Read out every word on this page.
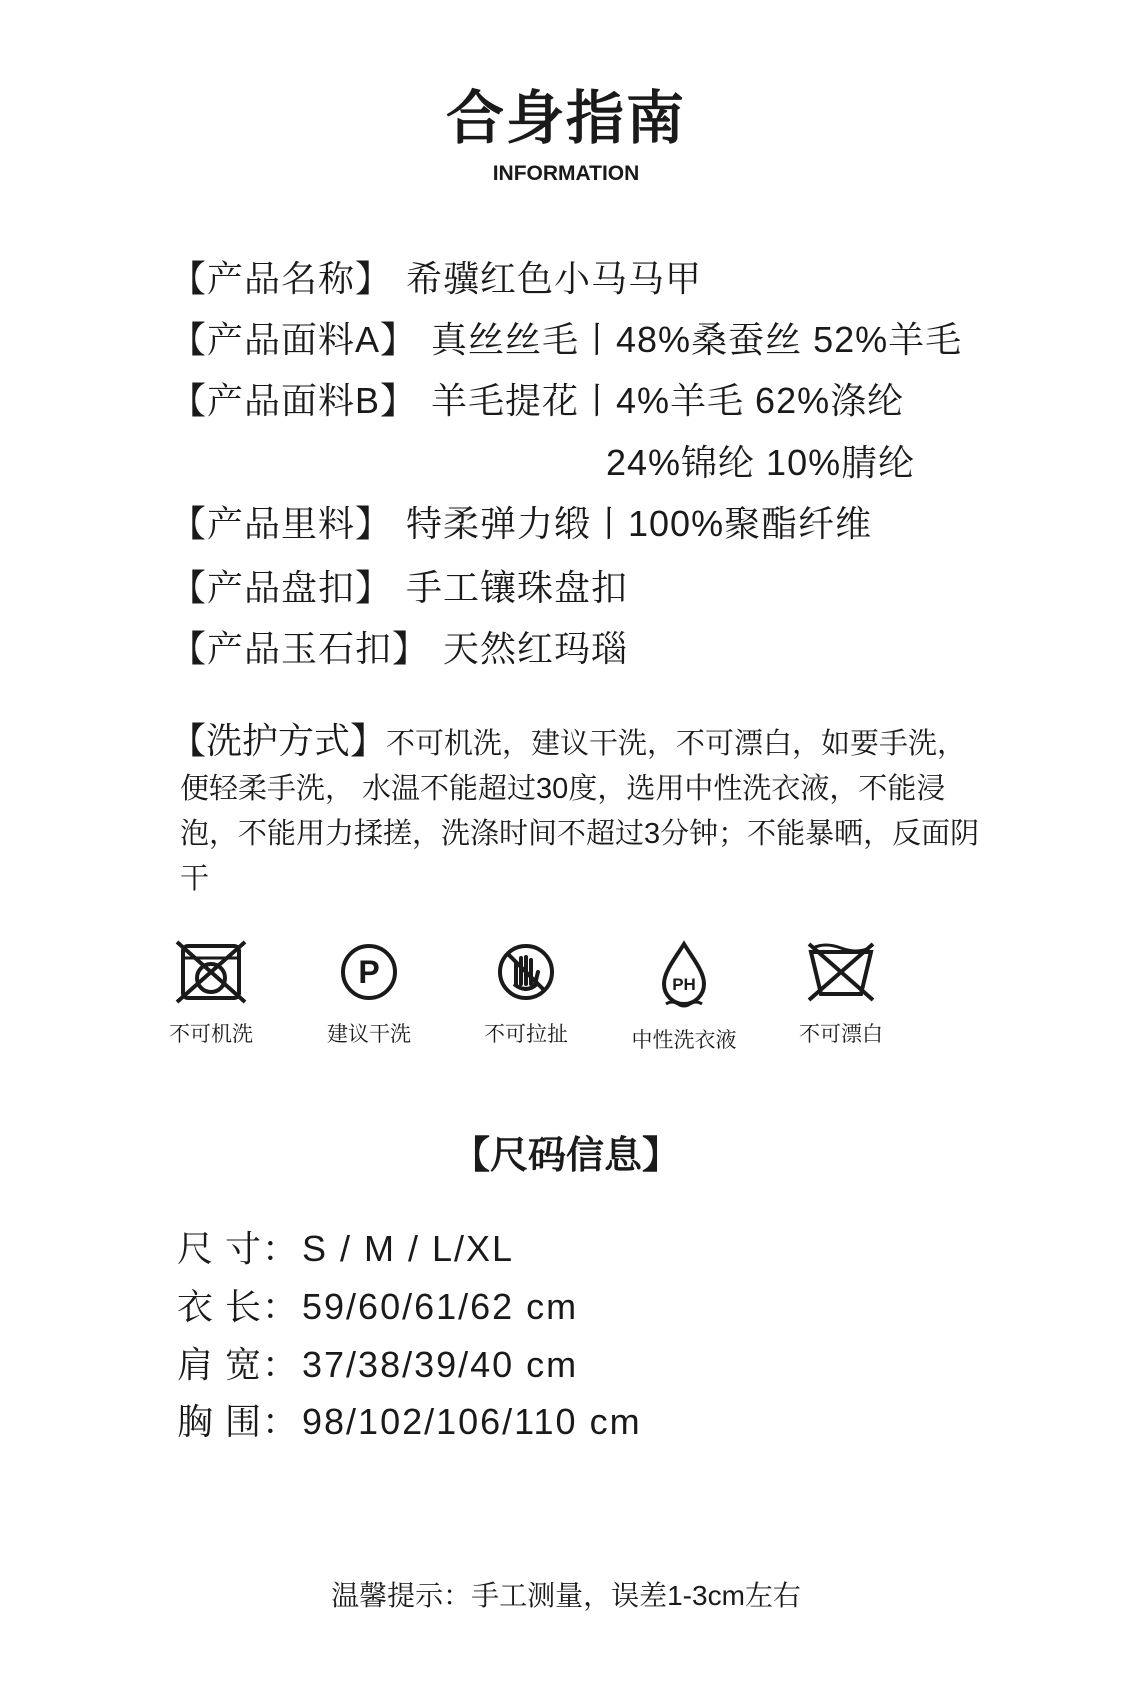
合身指南
INFORMATION
【产品名称】 希骥红色小马马甲
【产品面料A】 真丝丝毛丨48%桑蚕丝 52%羊毛
【产品面料B】 羊毛提花丨4%羊毛 62%涤纶
24%锦纶 10%腈纶
【产品里料】 特柔弹力缎丨100%聚酯纤维
【产品盘扣】 手工镶珠盘扣
【产品玉石扣】 天然红玛瑙
【洗护方式】不可机洗，建议干洗，不可漂白，如要手洗，便轻柔手洗， 水温不能超过30度，选用中性洗衣液，不能浸泡，不能用力揉搓，洗涤时间不超过3分钟；不能暴晒，反面阴干
不可机洗
P
建议干洗	不可拉扯
PH
中性洗衣液	不可漂白
【尺码信息】
尺 寸：S / M / L/XL
衣 长：59/60/61/62 cm
肩 宽：37/38/39/40 cm
胸 围：98/102/106/110 cm
温馨提示：手工测量，误差1-3cm左右
